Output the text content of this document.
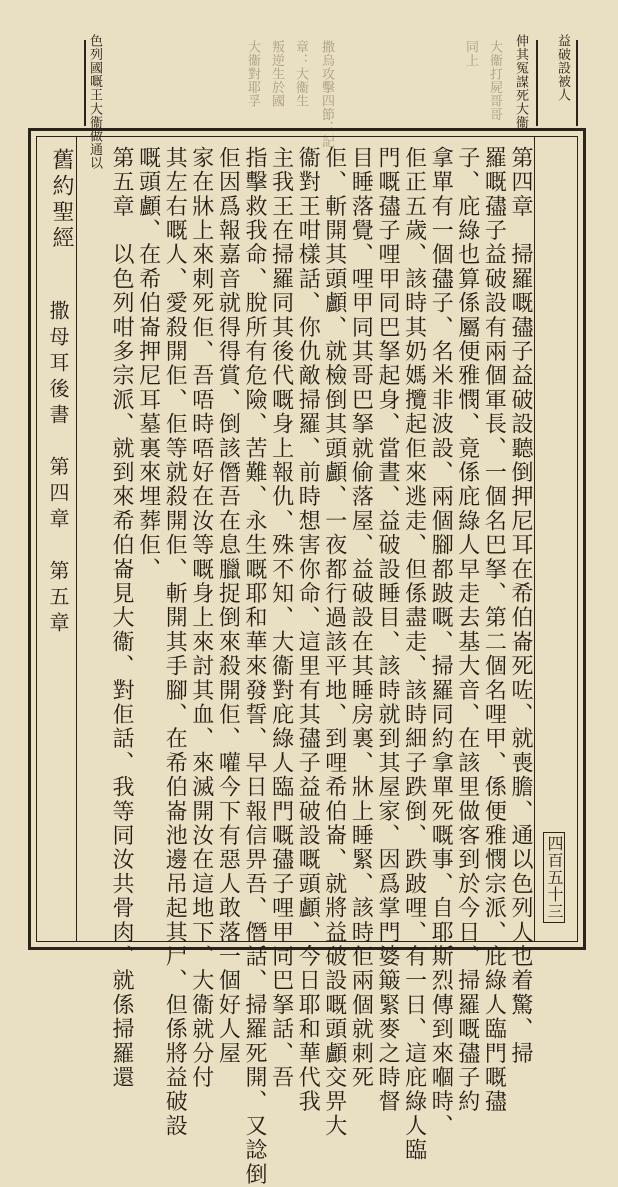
叛逆生於國
大衞對耶孚
四節：記
撒烏攻擊
章：大衞生
大衞做通以
色列國嘅王	同上 大衞打屍哥哥 謀死大衞
伸其冤 益破設被人
舊約聖經
撒母耳後書　第四章　第五章	第四章　掃羅嘅孻子益破設聽倒押尼耳在希伯崙死咗、就喪膽、通以色列人也着驚、掃
羅嘅孻子益破設有兩個軍長、一個名巴拏、第二個名哩甲、係便雅憫宗派、庇綠人臨門嘅孻
子、庇綠也算係屬便雅憫、竟係庇綠人早走去基大音、在該里做客到於今日、掃羅嘅孻子約
拿單有一個孻子、名米非波設、兩個腳都跛嘅、掃羅同約拿單死嘅事、自耶斯烈傳到來嗰時、
佢正五歲、該時其奶媽攬起佢來逃走、但係盡走、該時細子跌倒、跌跛哩、有一日、這庇綠人臨
門嘅孻子哩甲同巴拏起身、當晝、益破設睡目、該時就到其屋家、因爲掌門婆簸緊麥之時督
目睡落覺、哩甲同其哥巴拏就偷落屋、益破設在其睡房裏、牀上睡緊、該時佢兩個就刺死
佢、斬開其頭顱、就檢倒其頭顱、一夜都行過該平地、到哩希伯崙、就將益破設嘅頭顱交畀大
衞對王咁樣話、你仇敵掃羅、前時想害你命、這里有其孻子益破設嘅頭顱、今日耶和華代我
主我王在掃羅同其後代嘅身上報仇、殊不知、大衞對庇綠人臨門嘅孻子哩甲同巴拏話、吾
指擊救我命、脫所有危險、苦難、永生嘅耶和華來發誓、早日報信畀吾、僭話、掃羅死開、又諗倒
佢因爲報嘉音就得得賞、倒該僭吾在息臘捉倒來殺開佢、嚾今下有惡人敢落一個好人屋
家在牀上來刺死佢、吾唔時唔好在汝等嘅身上來討其血、來滅開汝在這地下、大衞就分付
其左右嘅人、愛殺開佢、佢等就殺開佢、斬開其手腳、在希伯崙池邊吊起其尸、但係將益破設
嘅頭顱、在希伯崙押尼耳墓裏來埋葬佢、
第五章　以色列咁多宗派、就到來希伯崙見大衞、對佢話、我等同汝共骨肉、就係掃羅還	四百五十三
